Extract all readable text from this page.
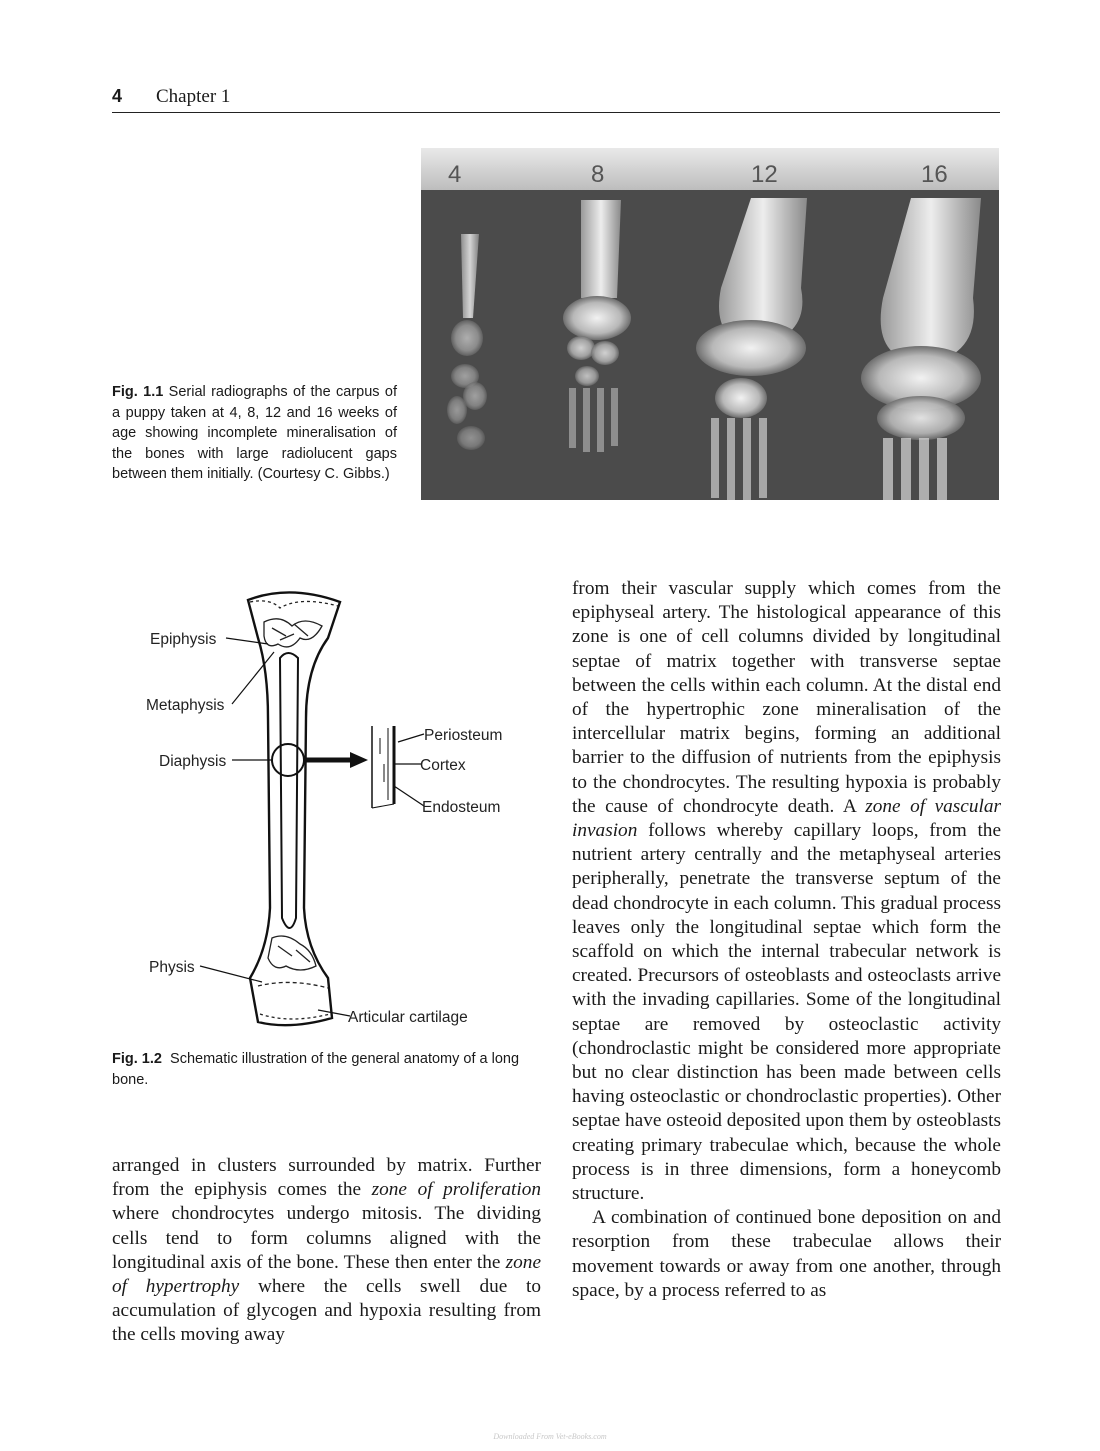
4 Chapter 1
Fig. 1.1 Serial radiographs of the carpus of a puppy taken at 4, 8, 12 and 16 weeks of age showing incomplete mineralisation of the bones with large radiolucent gaps between them initially. (Courtesy C. Gibbs.)
4	8	12	16
Epiphysis
Metaphysis
Diaphysis
Physis
Periosteum
Cortex
Endosteum
Articular cartilage
Fig. 1.2 Schematic illustration of the general anatomy of a long bone.

arranged in clusters surrounded by matrix. Further from the epiphysis comes the zone of proliferation where chondrocytes undergo mitosis. The dividing cells tend to form columns aligned with the longitudinal axis of the bone. These then enter the zone of hypertrophy where the cells swell due to accumulation of glycogen and hypoxia resulting from the cells moving away

from their vascular supply which comes from the epiphyseal artery. The histological appearance of this zone is one of cell columns divided by longitudinal septae of matrix together with transverse septae between the cells within each column. At the distal end of the hypertrophic zone mineralisation of the intercellular matrix begins, forming an additional barrier to the diffusion of nutrients from the epiphysis to the chondrocytes. The resulting hypoxia is probably the cause of chondrocyte death. A zone of vascular invasion follows whereby capillary loops, from the nutrient artery centrally and the metaphyseal arteries peripherally, penetrate the transverse septum of the dead chondrocyte in each column. This gradual process leaves only the longitudinal septae which form the scaffold on which the internal trabecular network is created. Precursors of osteoblasts and osteoclasts arrive with the invading capillaries. Some of the longitudinal septae are removed by osteoclastic activity (chondroclastic might be considered more appropriate but no clear distinction has been made between cells having osteoclastic or chondroclastic properties). Other septae have osteoid deposited upon them by osteoblasts creating primary trabeculae which, because the whole process is in three dimensions, form a honeycomb structure.

A combination of continued bone deposition on and resorption from these trabeculae allows their movement towards or away from one another, through space, by a process referred to as

Downloaded From Vet-eBooks.com
